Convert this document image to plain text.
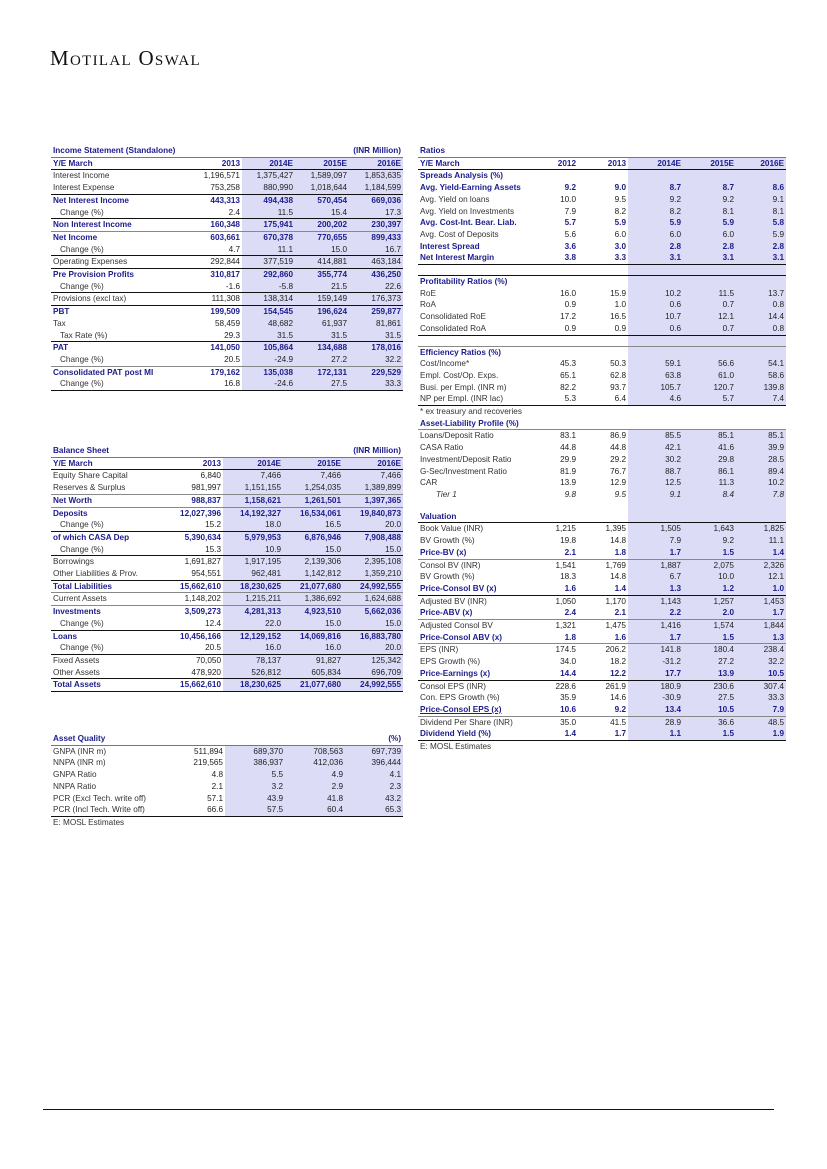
Motilal Oswal
Income Statement (Standalone)			(INR Million)	
Y/E March	2013	2014E	2015E	2016E
Interest Income	1,196,571	1,375,427	1,589,097	1,853,635
Interest Expense	753,258	880,990	1,018,644	1,184,599
Net Interest Income	443,313	494,438	570,454	669,036
Change (%)	2.4	11.5	15.4	17.3
Non Interest Income	160,348	175,941	200,202	230,397
Net Income	603,661	670,378	770,655	899,433
Change (%)	4.7	11.1	15.0	16.7
Operating Expenses	292,844	377,519	414,881	463,184
Pre Provision Profits	310,817	292,860	355,774	436,250
Change (%)	-1.6	-5.8	21.5	22.6
Provisions (excl tax)	111,308	138,314	159,149	176,373
PBT	199,509	154,545	196,624	259,877
Tax	58,459	48,682	61,937	81,861
Tax Rate (%)	29.3	31.5	31.5	31.5
PAT	141,050	105,864	134,688	178,016
Change (%)	20.5	-24.9	27.2	32.2
Consolidated PAT post MI	179,162	135,038	172,131	229,529
Change (%)	16.8	-24.6	27.5	33.3
Balance Sheet			(INR Million)	
Y/E March	2013	2014E	2015E	2016E
Equity Share Capital	6,840	7,466	7,466	7,466
Reserves & Surplus	981,997	1,151,155	1,254,035	1,389,899
Net Worth	988,837	1,158,621	1,261,501	1,397,365
Deposits	12,027,396	14,192,327	16,534,061	19,840,873
Change (%)	15.2	18.0	16.5	20.0
of which CASA Dep	5,390,634	5,979,953	6,876,946	7,908,488
Change (%)	15.3	10.9	15.0	15.0
Borrowings	1,691,827	1,917,195	2,139,306	2,395,108
Other Liabilities & Prov.	954,551	962,481	1,142,812	1,359,210
Total Liabilities	15,662,610	18,230,625	21,077,680	24,992,555
Current Assets	1,148,202	1,215,211	1,386,692	1,624,688
Investments	3,509,273	4,281,313	4,923,510	5,662,036
Change (%)	12.4	22.0	15.0	15.0
Loans	10,456,166	12,129,152	14,069,816	16,883,780
Change (%)	20.5	16.0	16.0	20.0
Fixed Assets	70,050	78,137	91,827	125,342
Other Assets	478,920	526,812	605,834	696,709
Total Assets	15,662,610	18,230,625	21,077,680	24,992,555
Asset Quality			(%)	
GNPA (INR m)	511,894	689,370	708,563	697,739
NNPA (INR m)	219,565	386,937	412,036	396,444
GNPA Ratio	4.8	5.5	4.9	4.1
NNPA Ratio	2.1	3.2	2.9	2.3
PCR (Excl Tech. write off)	57.1	43.9	41.8	43.2
PCR (Incl Tech. Write off)	66.6	57.5	60.4	65.3
E: MOSL Estimates				
Ratios					
Y/E March	2012	2013	2014E	2015E	2016E
Spreads Analysis (%)					
Avg. Yield-Earning Assets	9.2	9.0	8.7	8.7	8.6
Avg. Yield on loans	10.0	9.5	9.2	9.2	9.1
Avg. Yield on Investments	7.9	8.2	8.2	8.1	8.1
Avg. Cost-Int. Bear. Liab.	5.7	5.9	5.9	5.9	5.8
Avg. Cost of Deposits	5.6	6.0	6.0	6.0	5.9
Interest Spread	3.6	3.0	2.8	2.8	2.8
Net Interest Margin	3.8	3.3	3.1	3.1	3.1

Profitability Ratios (%)					
RoE	16.0	15.9	10.2	11.5	13.7
RoA	0.9	1.0	0.6	0.7	0.8
Consolidated RoE	17.2	16.5	10.7	12.1	14.4
Consolidated RoA	0.9	0.9	0.6	0.7	0.8

Efficiency Ratios (%)					
Cost/Income*	45.3	50.3	59.1	56.6	54.1
Empl. Cost/Op. Exps.	65.1	62.8	63.8	61.0	58.6
Busi. per Empl. (INR m)	82.2	93.7	105.7	120.7	139.8
NP per Empl. (INR lac)	5.3	6.4	4.6	5.7	7.4
* ex treasury and recoveries					
Asset-Liability Profile (%)					
Loans/Deposit Ratio	83.1	86.9	85.5	85.1	85.1
CASA Ratio	44.8	44.8	42.1	41.6	39.9
Investment/Deposit Ratio	29.9	29.2	30.2	29.8	28.5
G-Sec/Investment Ratio	81.9	76.7	88.7	86.1	89.4
CAR	13.9	12.9	12.5	11.3	10.2
Tier 1	9.8	9.5	9.1	8.4	7.8

Valuation					
Book Value (INR)	1,215	1,395	1,505	1,643	1,825
BV Growth (%)	19.8	14.8	7.9	9.2	11.1
Price-BV (x)	2.1	1.8	1.7	1.5	1.4
Consol BV (INR)	1,541	1,769	1,887	2,075	2,326
BV Growth (%)	18.3	14.8	6.7	10.0	12.1
Price-Consol BV (x)	1.6	1.4	1.3	1.2	1.0
Adjusted BV (INR)	1,050	1,170	1,143	1,257	1,453
Price-ABV (x)	2.4	2.1	2.2	2.0	1.7
Adjusted Consol BV	1,321	1,475	1,416	1,574	1,844
Price-Consol ABV (x)	1.8	1.6	1.7	1.5	1.3
EPS (INR)	174.5	206.2	141.8	180.4	238.4
EPS Growth (%)	34.0	18.2	-31.2	27.2	32.2
Price-Earnings (x)	14.4	12.2	17.7	13.9	10.5
Consol EPS (INR)	228.6	261.9	180.9	230.6	307.4
Con. EPS Growth (%)	35.9	14.6	-30.9	27.5	33.3
Price-Consol EPS (x)	10.6	9.2	13.4	10.5	7.9
Dividend Per Share (INR)	35.0	41.5	28.9	36.6	48.5
Dividend Yield (%)	1.4	1.7	1.1	1.5	1.9
E: MOSL Estimates					
